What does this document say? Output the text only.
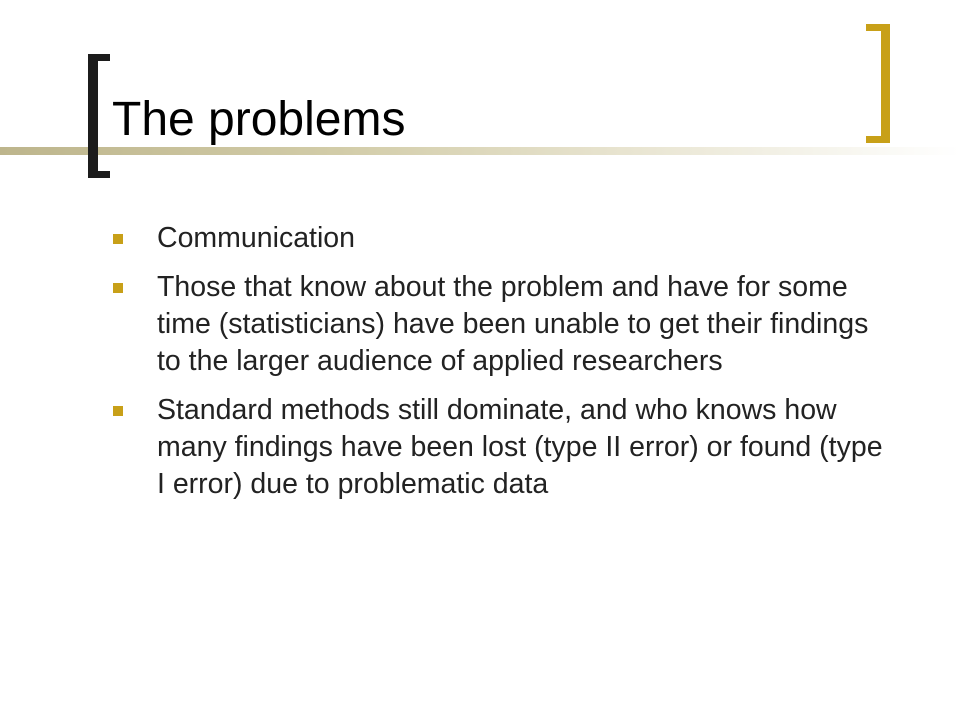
The problems
Communication
Those that know about the problem and have for some time (statisticians) have been unable to get their findings to the larger audience of applied researchers
Standard methods still dominate, and who knows how many findings have been lost (type II error) or found (type I error) due to problematic data
